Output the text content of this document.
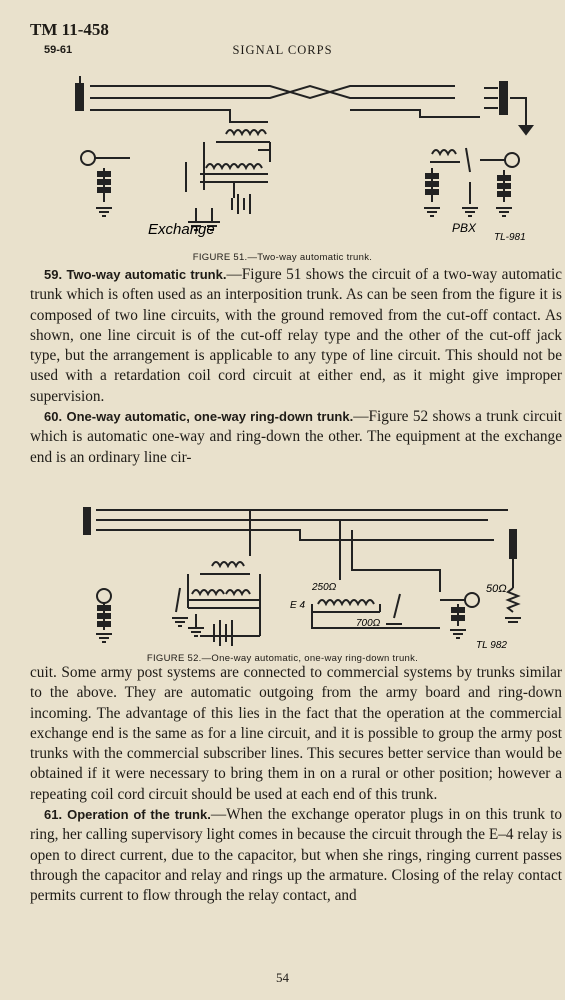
TM 11-458
59-61	SIGNAL CORPS
Exchange	PBX
TL-981
FIGURE 51.—Two-way automatic trunk.

59. Two-way automatic trunk.—Figure 51 shows the circuit of a two-way automatic trunk which is often used as an interposition trunk. As can be seen from the figure it is composed of two line circuits, with the ground removed from the cut-off contact. As shown, one line circuit is of the cut-off relay type and the other of the cut-off jack type, but the arrangement is applicable to any type of line circuit. This should not be used with a retardation coil cord circuit at either end, as it might give improper supervision.

60. One-way automatic, one-way ring-down trunk.—Figure 52 shows a trunk circuit which is automatic one-way and ring-down the other. The equipment at the exchange end is an ordinary line cir-

250Ω
E 4
700Ω
50Ω
TL 982
FIGURE 52.—One-way automatic, one-way ring-down trunk.

cuit. Some army post systems are connected to commercial systems by trunks similar to the above. They are automatic outgoing from the army board and ring-down incoming. The advantage of this lies in the fact that the operation at the commercial exchange end is the same as for a line circuit, and it is possible to group the army post trunks with the commercial subscriber lines. This secures better service than would be obtained if it were necessary to bring them in on a rural or other position; however a repeating coil cord circuit should be used at each end of this trunk.

61. Operation of the trunk.—When the exchange operator plugs in on this trunk to ring, her calling supervisory light comes in because the circuit through the E–4 relay is open to direct current, due to the capacitor, but when she rings, ringing current passes through the capacitor and relay and rings up the armature. Closing of the relay contact permits current to flow through the relay contact, and

54
